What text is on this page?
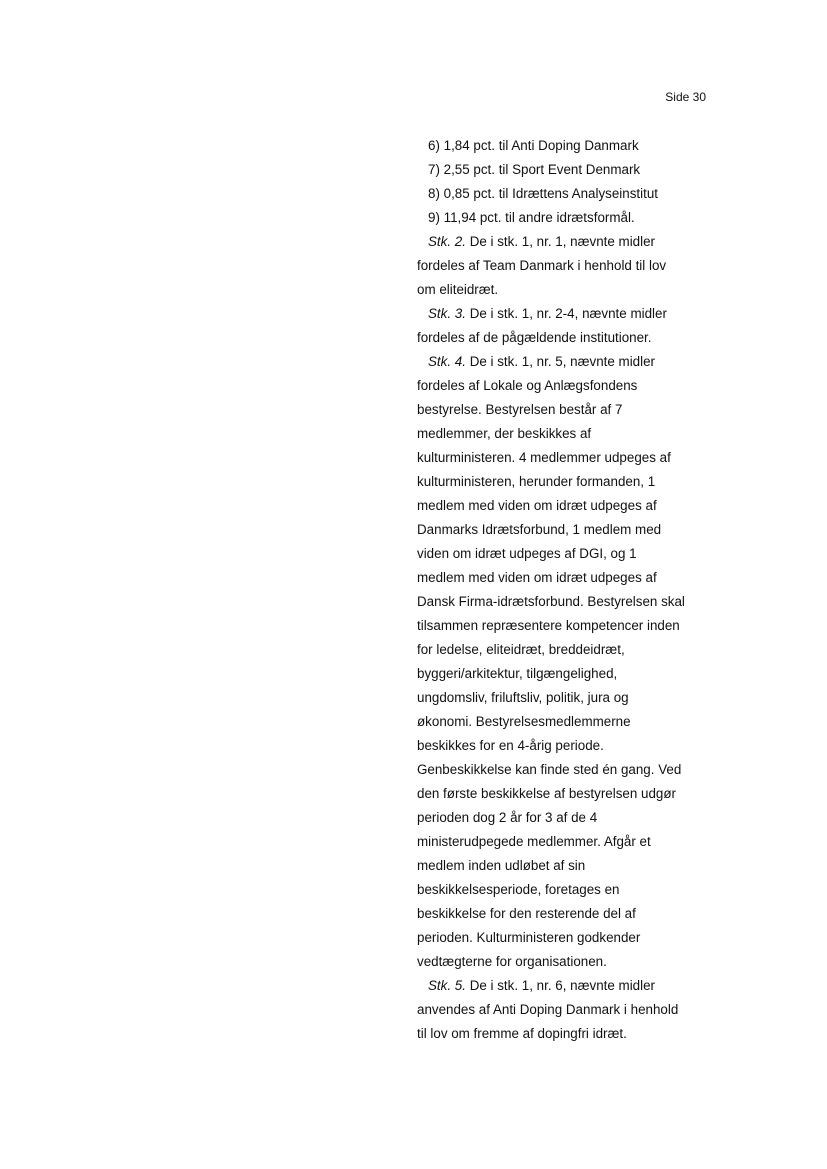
Side 30

6) 1,84 pct. til Anti Doping Danmark

7) 2,55 pct. til Sport Event Denmark

8) 0,85 pct. til Idrættens Analyseinstitut

9) 11,94 pct. til andre idrætsformål.

Stk. 2. De i stk. 1, nr. 1, nævnte midler

fordeles af Team Danmark i henhold til lov

om eliteidræt.

Stk. 3. De i stk. 1, nr. 2-4, nævnte midler

fordeles af de pågældende institutioner.

Stk. 4. De i stk. 1, nr. 5, nævnte midler

fordeles af Lokale og Anlægsfondens

bestyrelse. Bestyrelsen består af 7

medlemmer, der beskikkes af

kulturministeren. 4 medlemmer udpeges af

kulturministeren, herunder formanden, 1

medlem med viden om idræt udpeges af

Danmarks Idrætsforbund, 1 medlem med

viden om idræt udpeges af DGI, og 1

medlem med viden om idræt udpeges af

Dansk Firma-idrætsforbund. Bestyrelsen skal

tilsammen repræsentere kompetencer inden

for ledelse, eliteidræt, breddeidræt,

byggeri/arkitektur, tilgængelighed,

ungdomsliv, friluftsliv, politik, jura og

økonomi. Bestyrelsesmedlemmerne

beskikkes for en 4-årig periode.

Genbeskikkelse kan finde sted én gang. Ved

den første beskikkelse af bestyrelsen udgør

perioden dog 2 år for 3 af de 4

ministerudpegede medlemmer. Afgår et

medlem inden udløbet af sin

beskikkelsesperiode, foretages en

beskikkelse for den resterende del af

perioden. Kulturministeren godkender

vedtægterne for organisationen.

Stk. 5. De i stk. 1, nr. 6, nævnte midler

anvendes af Anti Doping Danmark i henhold

til lov om fremme af dopingfri idræt.
